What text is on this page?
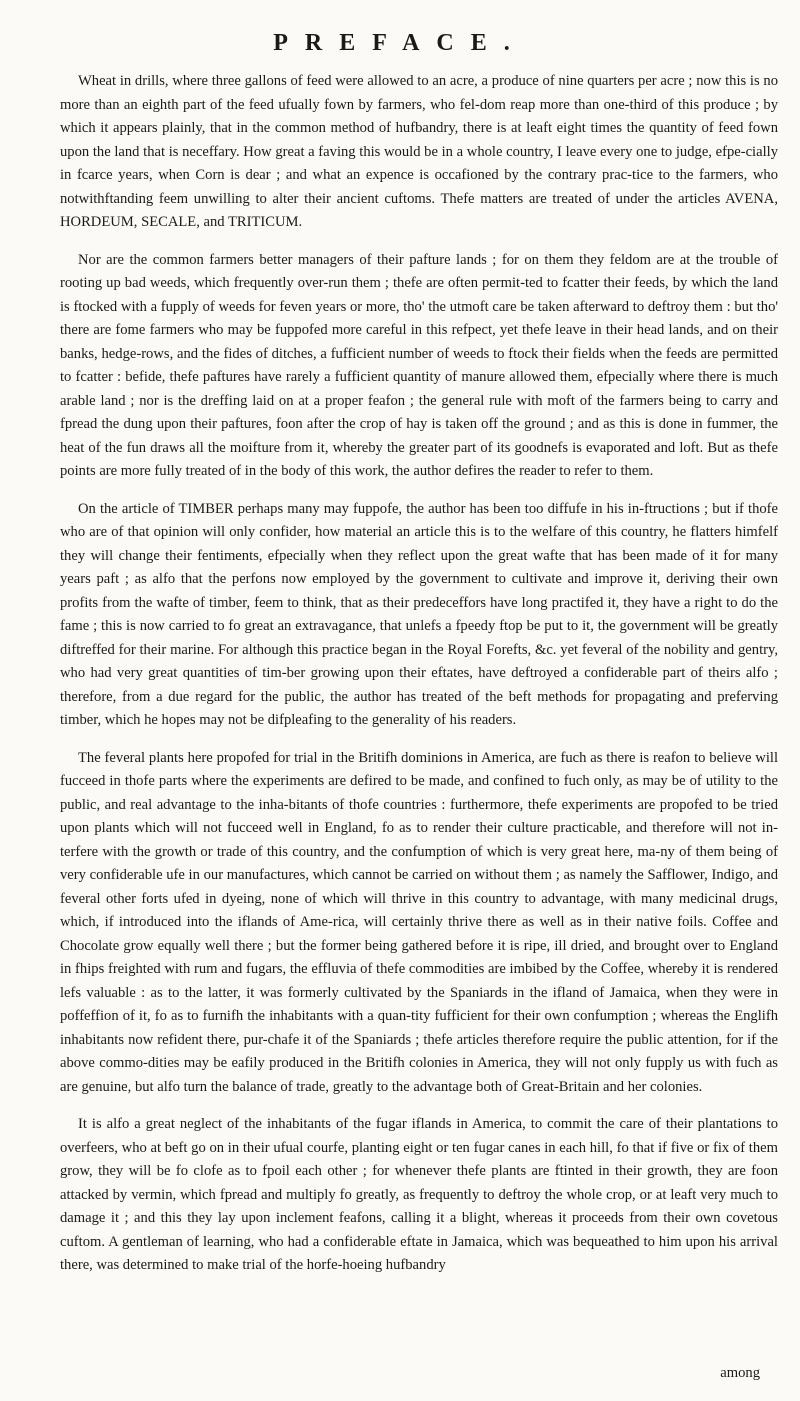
PREFACE.

Wheat in drills, where three gallons of feed were allowed to an acre, a produce of nine quarters per acre ; now this is no more than an eighth part of the feed ufually fown by farmers, who fel-dom reap more than one-third of this produce ; by which it appears plainly, that in the common method of hufbandry, there is at leaft eight times the quantity of feed fown upon the land that is neceffary. How great a faving this would be in a whole country, I leave every one to judge, efpe-cially in fcarce years, when Corn is dear ; and what an expence is occafioned by the contrary prac-tice to the farmers, who notwithftanding feem unwilling to alter their ancient cuftoms. Thefe matters are treated of under the articles AVENA, HORDEUM, SECALE, and TRITICUM.

Nor are the common farmers better managers of their pafture lands ; for on them they feldom are at the trouble of rooting up bad weeds, which frequently over-run them ; thefe are often permit-ted to fcatter their feeds, by which the land is ftocked with a fupply of weeds for feven years or more, tho' the utmoft care be taken afterward to deftroy them : but tho' there are fome farmers who may be fuppofed more careful in this refpect, yet thefe leave in their head lands, and on their banks, hedge-rows, and the fides of ditches, a fufficient number of weeds to ftock their fields when the feeds are permitted to fcatter : befide, thefe paftures have rarely a fufficient quantity of manure allowed them, efpecially where there is much arable land ; nor is the dreffing laid on at a proper feafon ; the general rule with moft of the farmers being to carry and fpread the dung upon their paftures, foon after the crop of hay is taken off the ground ; and as this is done in fummer, the heat of the fun draws all the moifture from it, whereby the greater part of its goodnefs is evaporated and loft. But as thefe points are more fully treated of in the body of this work, the author defires the reader to refer to them.

On the article of TIMBER perhaps many may fuppofe, the author has been too diffufe in his in-ftructions ; but if thofe who are of that opinion will only confider, how material an article this is to the welfare of this country, he flatters himfelf they will change their fentiments, efpecially when they reflect upon the great wafte that has been made of it for many years paft ; as alfo that the perfons now employed by the government to cultivate and improve it, deriving their own profits from the wafte of timber, feem to think, that as their predeceffors have long practifed it, they have a right to do the fame ; this is now carried to fo great an extravagance, that unlefs a fpeedy ftop be put to it, the government will be greatly diftreffed for their marine. For although this practice began in the Royal Forefts, &c. yet feveral of the nobility and gentry, who had very great quantities of tim-ber growing upon their eftates, have deftroyed a confiderable part of theirs alfo ; therefore, from a due regard for the public, the author has treated of the beft methods for propagating and preferving timber, which he hopes may not be difpleafing to the generality of his readers.

The feveral plants here propofed for trial in the Britifh dominions in America, are fuch as there is reafon to believe will fucceed in thofe parts where the experiments are defired to be made, and confined to fuch only, as may be of utility to the public, and real advantage to the inha-bitants of thofe countries : furthermore, thefe experiments are propofed to be tried upon plants which will not fucceed well in England, fo as to render their culture practicable, and therefore will not in-terfere with the growth or trade of this country, and the confumption of which is very great here, ma-ny of them being of very confiderable ufe in our manufactures, which cannot be carried on without them ; as namely the Safflower, Indigo, and feveral other forts ufed in dyeing, none of which will thrive in this country to advantage, with many medicinal drugs, which, if introduced into the iflands of Ame-rica, will certainly thrive there as well as in their native foils. Coffee and Chocolate grow equally well there ; but the former being gathered before it is ripe, ill dried, and brought over to England in fhips freighted with rum and fugars, the effluvia of thefe commodities are imbibed by the Coffee, whereby it is rendered lefs valuable : as to the latter, it was formerly cultivated by the Spaniards in the ifland of Jamaica, when they were in poffeffion of it, fo as to furnifh the inhabitants with a quan-tity fufficient for their own confumption ; whereas the Englifh inhabitants now refident there, pur-chafe it of the Spaniards ; thefe articles therefore require the public attention, for if the above commo-dities may be eafily produced in the Britifh colonies in America, they will not only fupply us with fuch as are genuine, but alfo turn the balance of trade, greatly to the advantage both of Great-Britain and her colonies.

It is alfo a great neglect of the inhabitants of the fugar iflands in America, to commit the care of their plantations to overfeers, who at beft go on in their ufual courfe, planting eight or ten fugar canes in each hill, fo that if five or fix of them grow, they will be fo clofe as to fpoil each other ; for whenever thefe plants are ftinted in their growth, they are foon attacked by vermin, which fpread and multiply fo greatly, as frequently to deftroy the whole crop, or at leaft very much to damage it ; and this they lay upon inclement feafons, calling it a blight, whereas it proceeds from their own covetous cuftom. A gentleman of learning, who had a confiderable eftate in Jamaica, which was bequeathed to him upon his arrival there, was determined to make trial of the horfe-hoeing hufbandry

among
